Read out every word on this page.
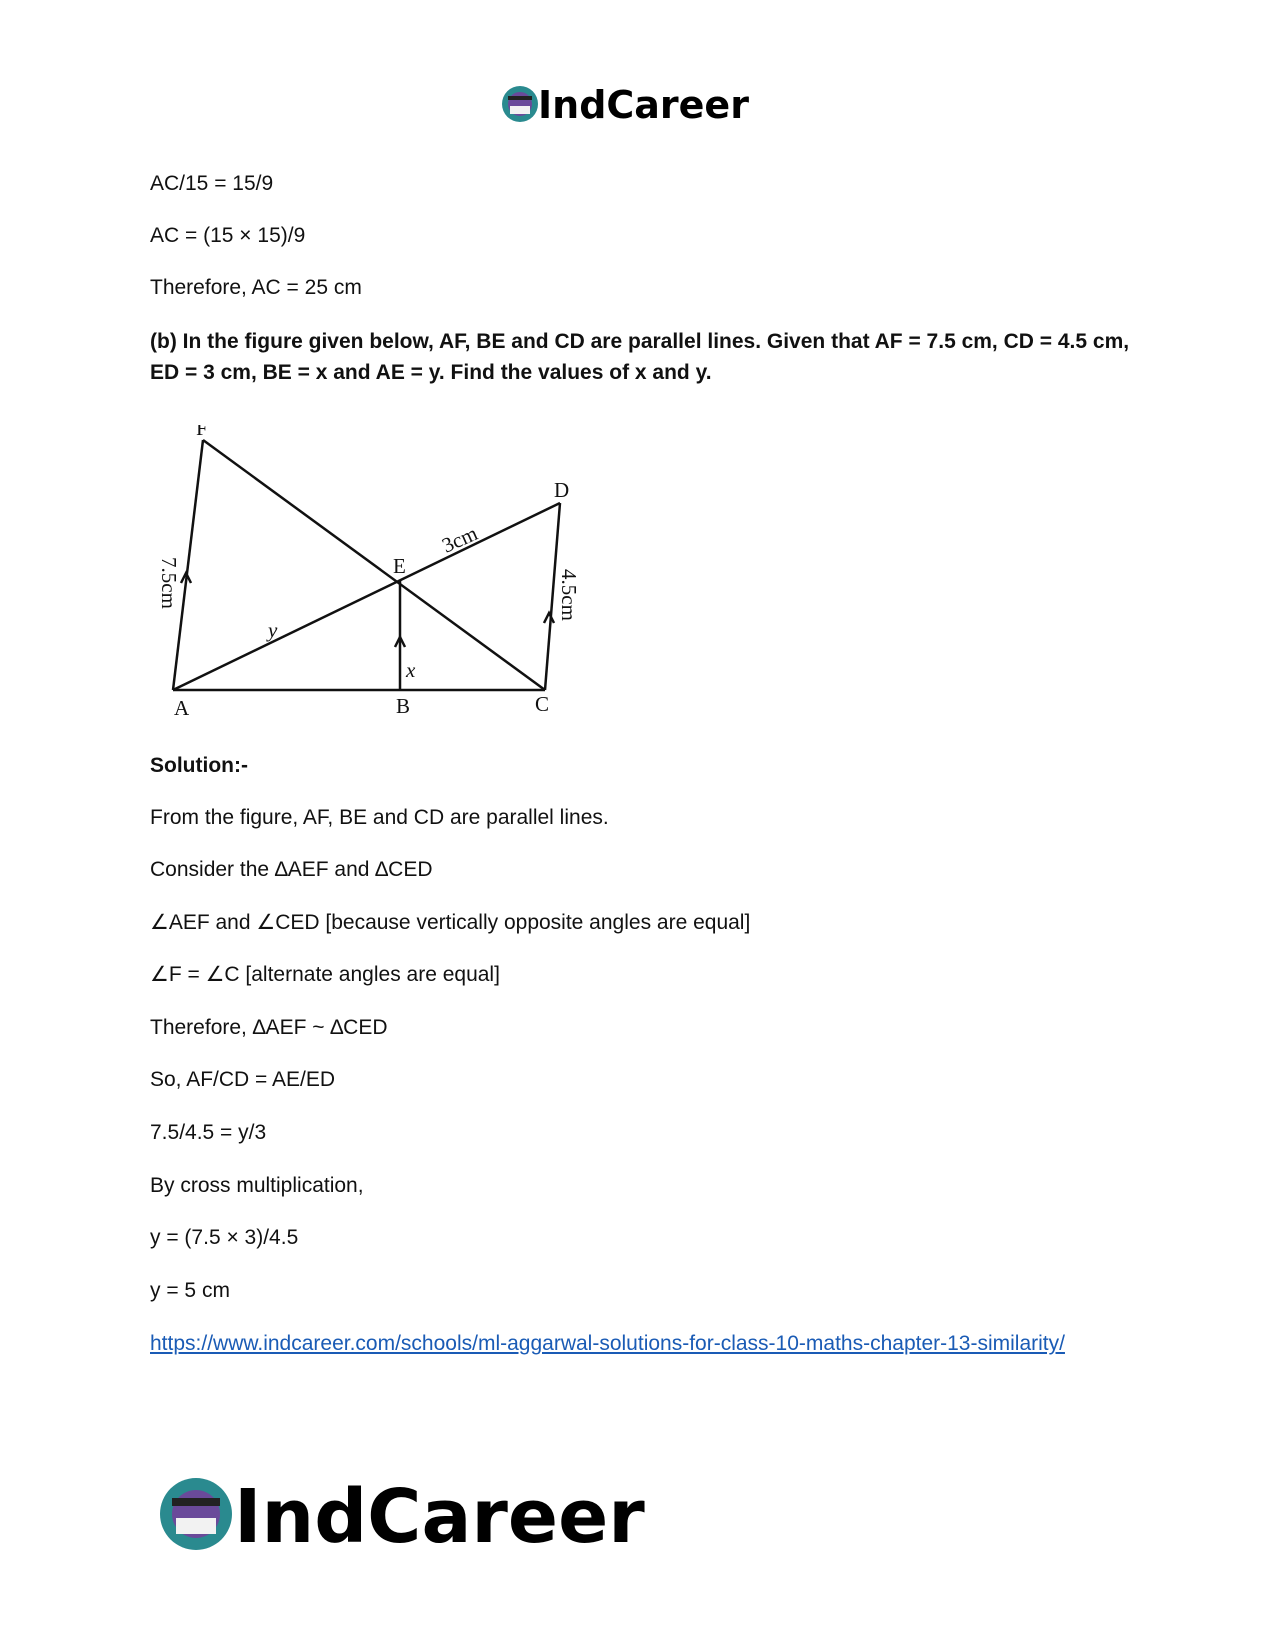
IndCareer

AC/15 = 15/9

AC = (15 × 15)/9

Therefore, AC = 25 cm

(b) In the figure given below, AF, BE and CD are parallel lines. Given that AF = 7.5 cm, CD = 4.5 cm, ED = 3 cm, BE = x and AE = y. Find the values of x and y.

F
D
E
A	B	C
y
x
3cm
7.5cm	4.5cm

Solution:-

From the figure, AF, BE and CD are parallel lines.

Consider the ∆AEF and ∆CED

∠AEF and ∠CED [because vertically opposite angles are equal]

∠F = ∠C [alternate angles are equal]

Therefore, ∆AEF ~ ∆CED

So, AF/CD = AE/ED

7.5/4.5 = y/3

By cross multiplication,

y = (7.5 × 3)/4.5

y = 5 cm

https://www.indcareer.com/schools/ml-aggarwal-solutions-for-class-10-maths-chapter-13-similarity/
IndCareer
